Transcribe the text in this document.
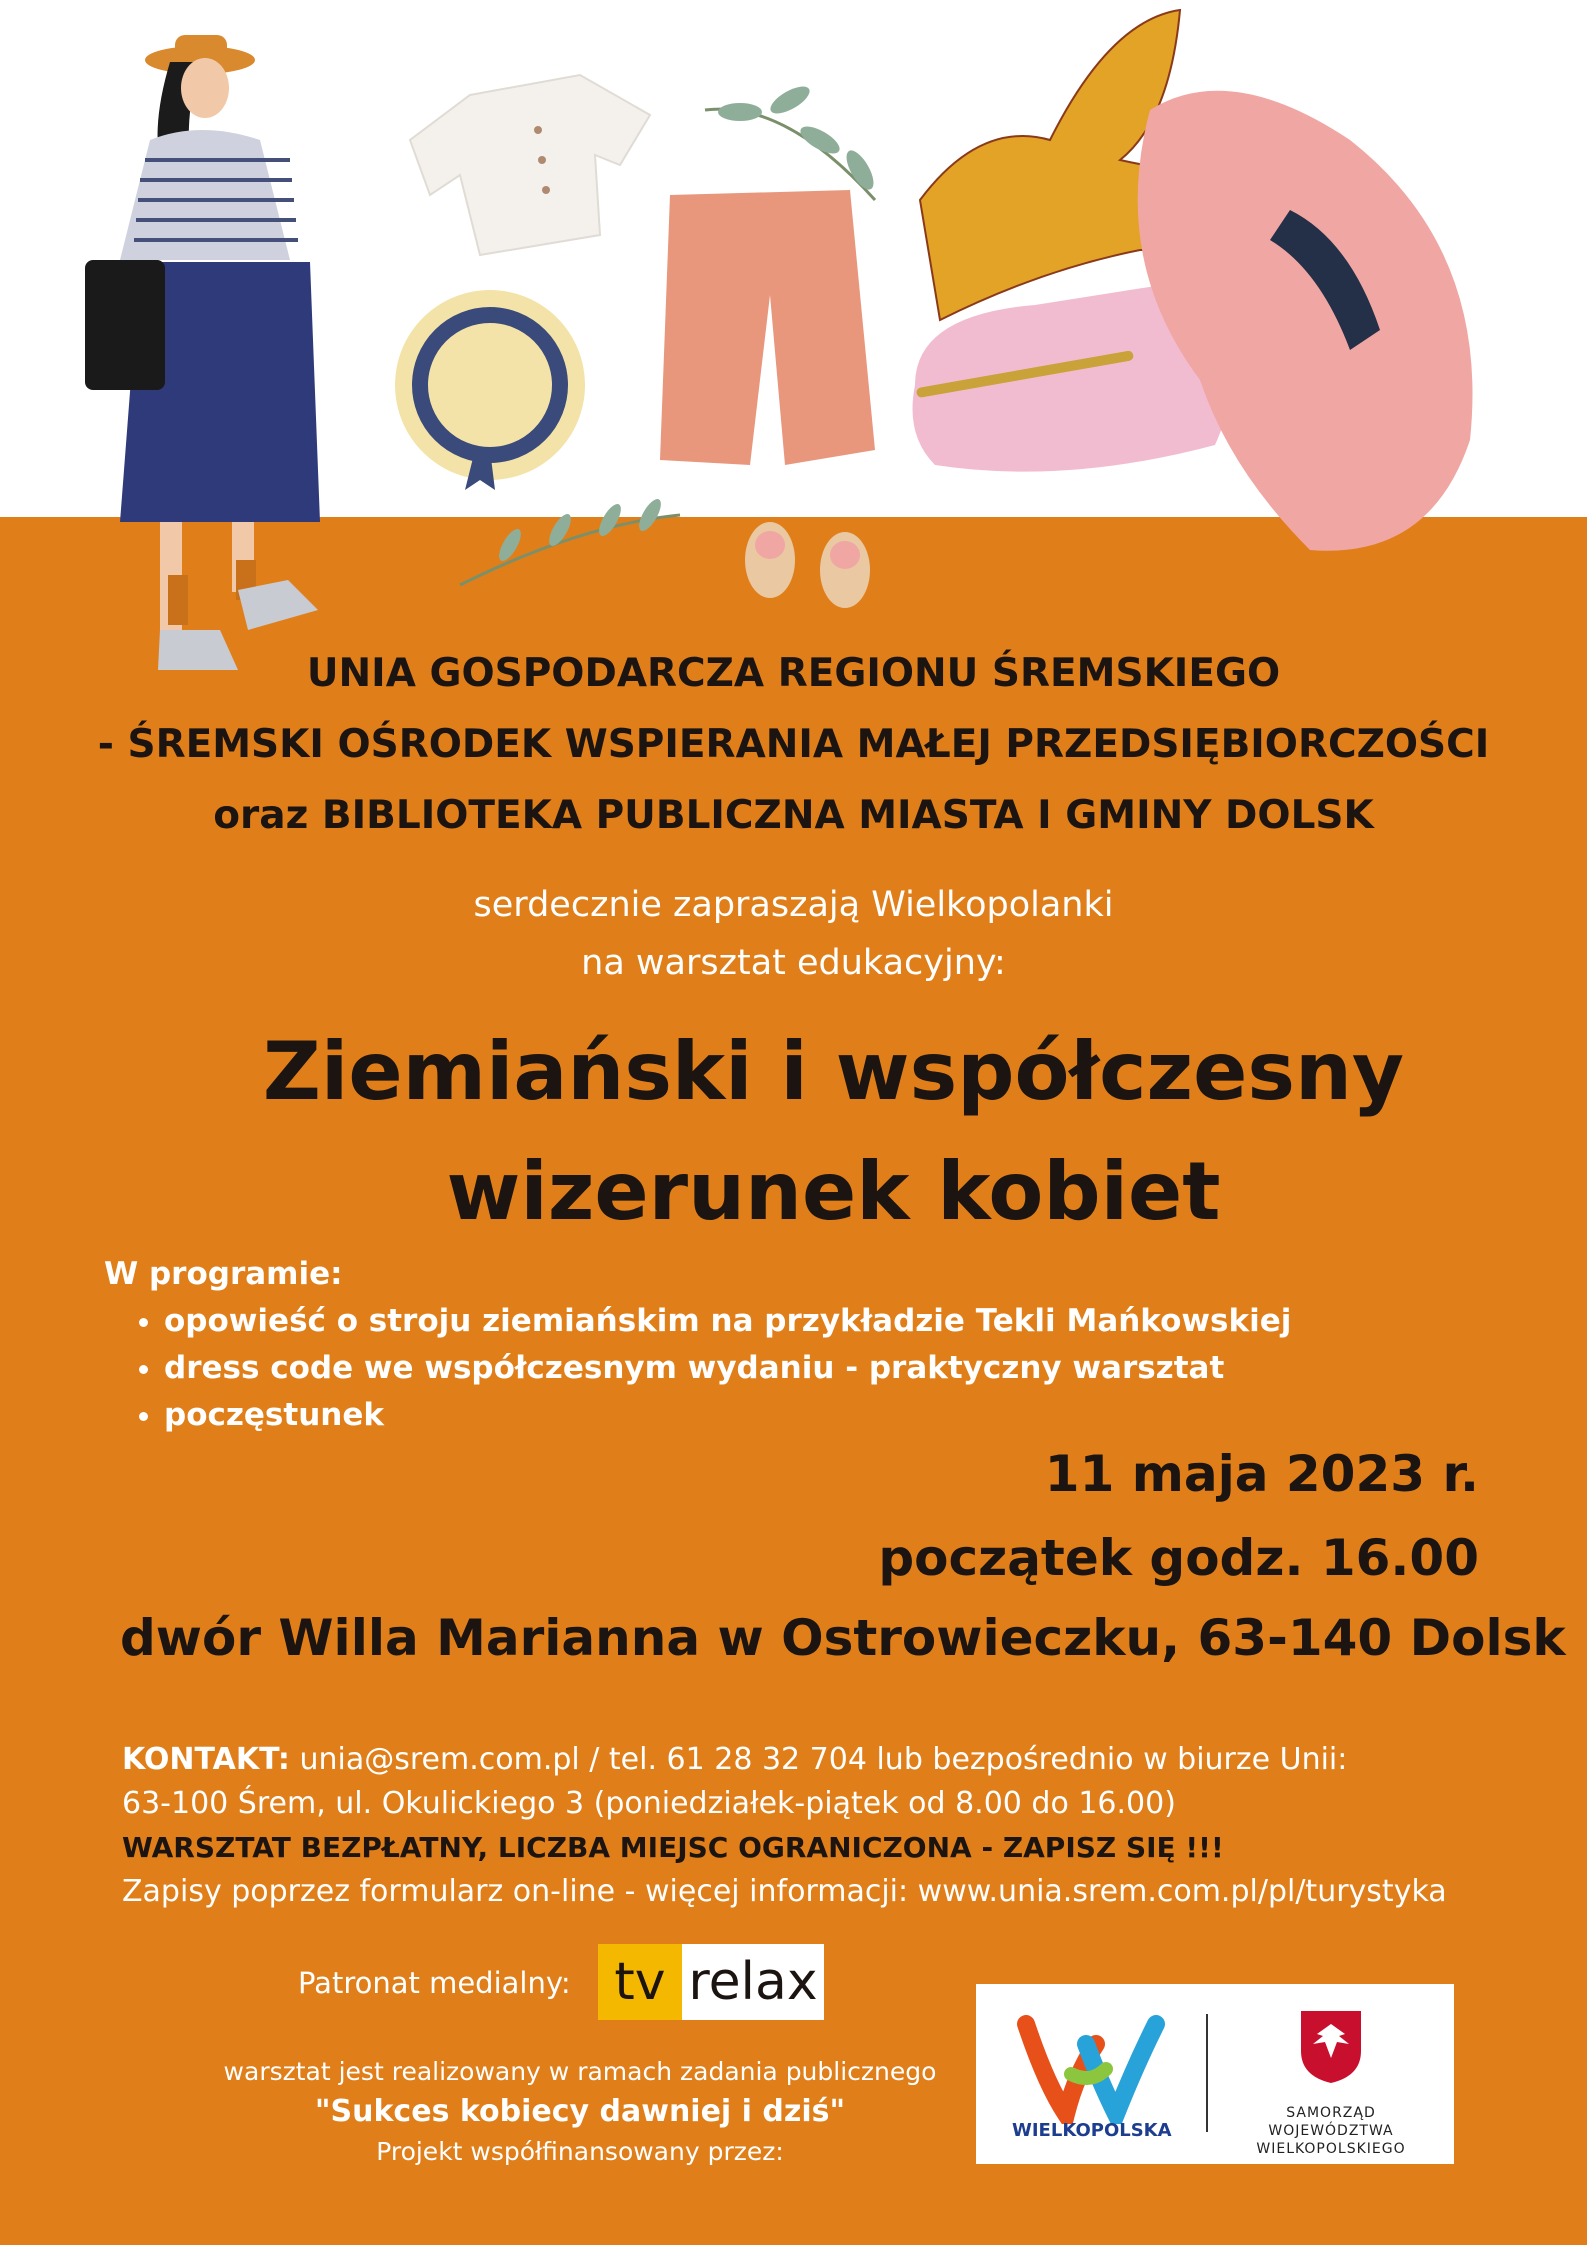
UNIA GOSPODARCZA REGIONU ŚREMSKIEGO
- ŚREMSKI OŚRODEK WSPIERANIA MAŁEJ PRZEDSIĘBIORCZOŚCI
oraz BIBLIOTEKA PUBLICZNA MIASTA I GMINY DOLSK
serdecznie zapraszają Wielkopolanki
na warsztat edukacyjny:
Ziemiański i współczesny
wizerunek kobiet
W programie:
• opowieść o stroju ziemiańskim na przykładzie Tekli Mańkowskiej
• dress code we współczesnym wydaniu - praktyczny warsztat
• poczęstunek
11 maja 2023 r.
początek godz. 16.00
dwór Willa Marianna w Ostrowieczku, 63-140 Dolsk
KONTAKT: unia@srem.com.pl / tel. 61 28 32 704 lub bezpośrednio w biurze Unii:
63-100 Śrem, ul. Okulickiego 3 (poniedziałek-piątek od 8.00 do 16.00)
WARSZTAT BEZPŁATNY, LICZBA MIEJSC OGRANICZONA - ZAPISZ SIĘ !!!
Zapisy poprzez formularz on-line - więcej informacji: www.unia.srem.com.pl/pl/turystyka
Patronat medialny: tv relax
warsztat jest realizowany w ramach zadania publicznego
"Sukces kobiecy dawniej i dziś"
Projekt współfinansowany przez:
WIELKOPOLSKA
SAMORZĄD
WOJEWÓDZTWA
WIELKOPOLSKIEGO
